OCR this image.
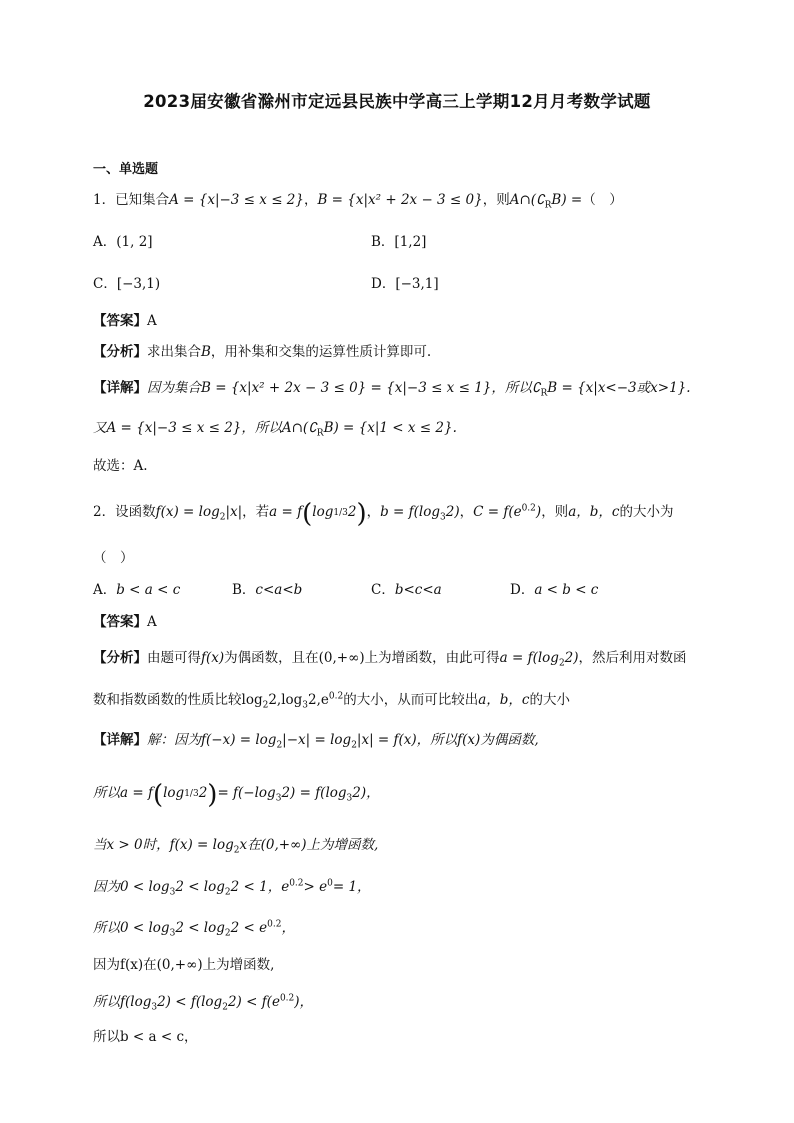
2023届安徽省滁州市定远县民族中学高三上学期12月月考数学试题
一、单选题
1．已知集合A = {x|−3 ≤ x ≤ 2}，B = {x|x² + 2x − 3 ≤ 0}，则$A\cap(∁_RB)$ =（　）
A．(1, 2]	B．[1,2]
C．[−3,1)	D．[−3,1]
【答案】A
【分析】求出集合B，用补集和交集的运算性质计算即可.
【详解】因为集合B = {x|x² + 2x − 3 ≤ 0} = {x|−3 ≤ x ≤ 1}，所以$∁_RB = \{x|x<-3$或x>1}.
又A = {x|−3 ≤ x ≤ 2}，所以$A\cap(∁_RB) = \{x|1 < x \le 2\}$.
故选：A.
2．设函数$f(x) = \log_2|x|$，若a = f(log1/32)，$b = f(\log_32)$，$C = f(e^{0.2})$，则a，b，c的大小为
（　）
A．b < a < c	B．c<a<b	C．b<c<a	D．a < b < c
【答案】A
【分析】由题可得f(x)为偶函数，且在(0,+∞)上为增函数，由此可得$a = f(\log_22)$，然后利用对数函
数和指数函数的性质比较$\log_22,\log_32,e^{0.2}$的大小，从而可比较出a，b，c的大小
【详解】解：因为$f(-x) = \log_2|-x| = \log_2|x| = f(x)$，所以f(x)为偶函数,
所以$a = f(\log 1/32)= f(-\log_32) = f(\log_32)$，
当x > 0时，$f(x) = \log_2x$在(0,+∞)上为增函数,
因为$0 < \log_32 < \log_22 < 1$，$e^{0.2}> e^0= 1$，
所以$0 < \log_32 < \log_22 < e^{0.2}$，
因为f(x)在(0,+∞)上为增函数,
所以$f(\log_32) < f(\log_22) < f(e^{0.2})$，
所以b < a < c，
